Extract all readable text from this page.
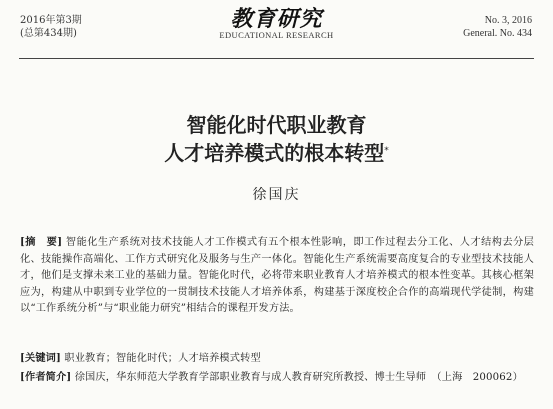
2016年第3期
(总第434期)
教育研究
EDUCATIONAL RESEARCH
No. 3, 2016
General. No. 434
智能化时代职业教育
人才培养模式的根本转型*
徐国庆
[摘　要] 智能化生产系统对技术技能人才工作模式有五个根本性影响，即工作过程去分工化、人才结构去分层化、技能操作高端化、工作方式研究化及服务与生产一体化。智能化生产系统需要高度复合的专业型技术技能人才，他们是支撑未来工业的基础力量。智能化时代，必将带来职业教育人才培养模式的根本性变革。其核心框架应为，构建从中职到专业学位的一贯制技术技能人才培养体系，构建基于深度校企合作的高端现代学徒制，构建以“工作系统分析”与“职业能力研究”相结合的课程开发方法。
[关键词] 职业教育；智能化时代；人才培养模式转型
[作者简介] 徐国庆，华东师范大学教育学部职业教育与成人教育研究所教授、博士生导师　（上海　200062）
